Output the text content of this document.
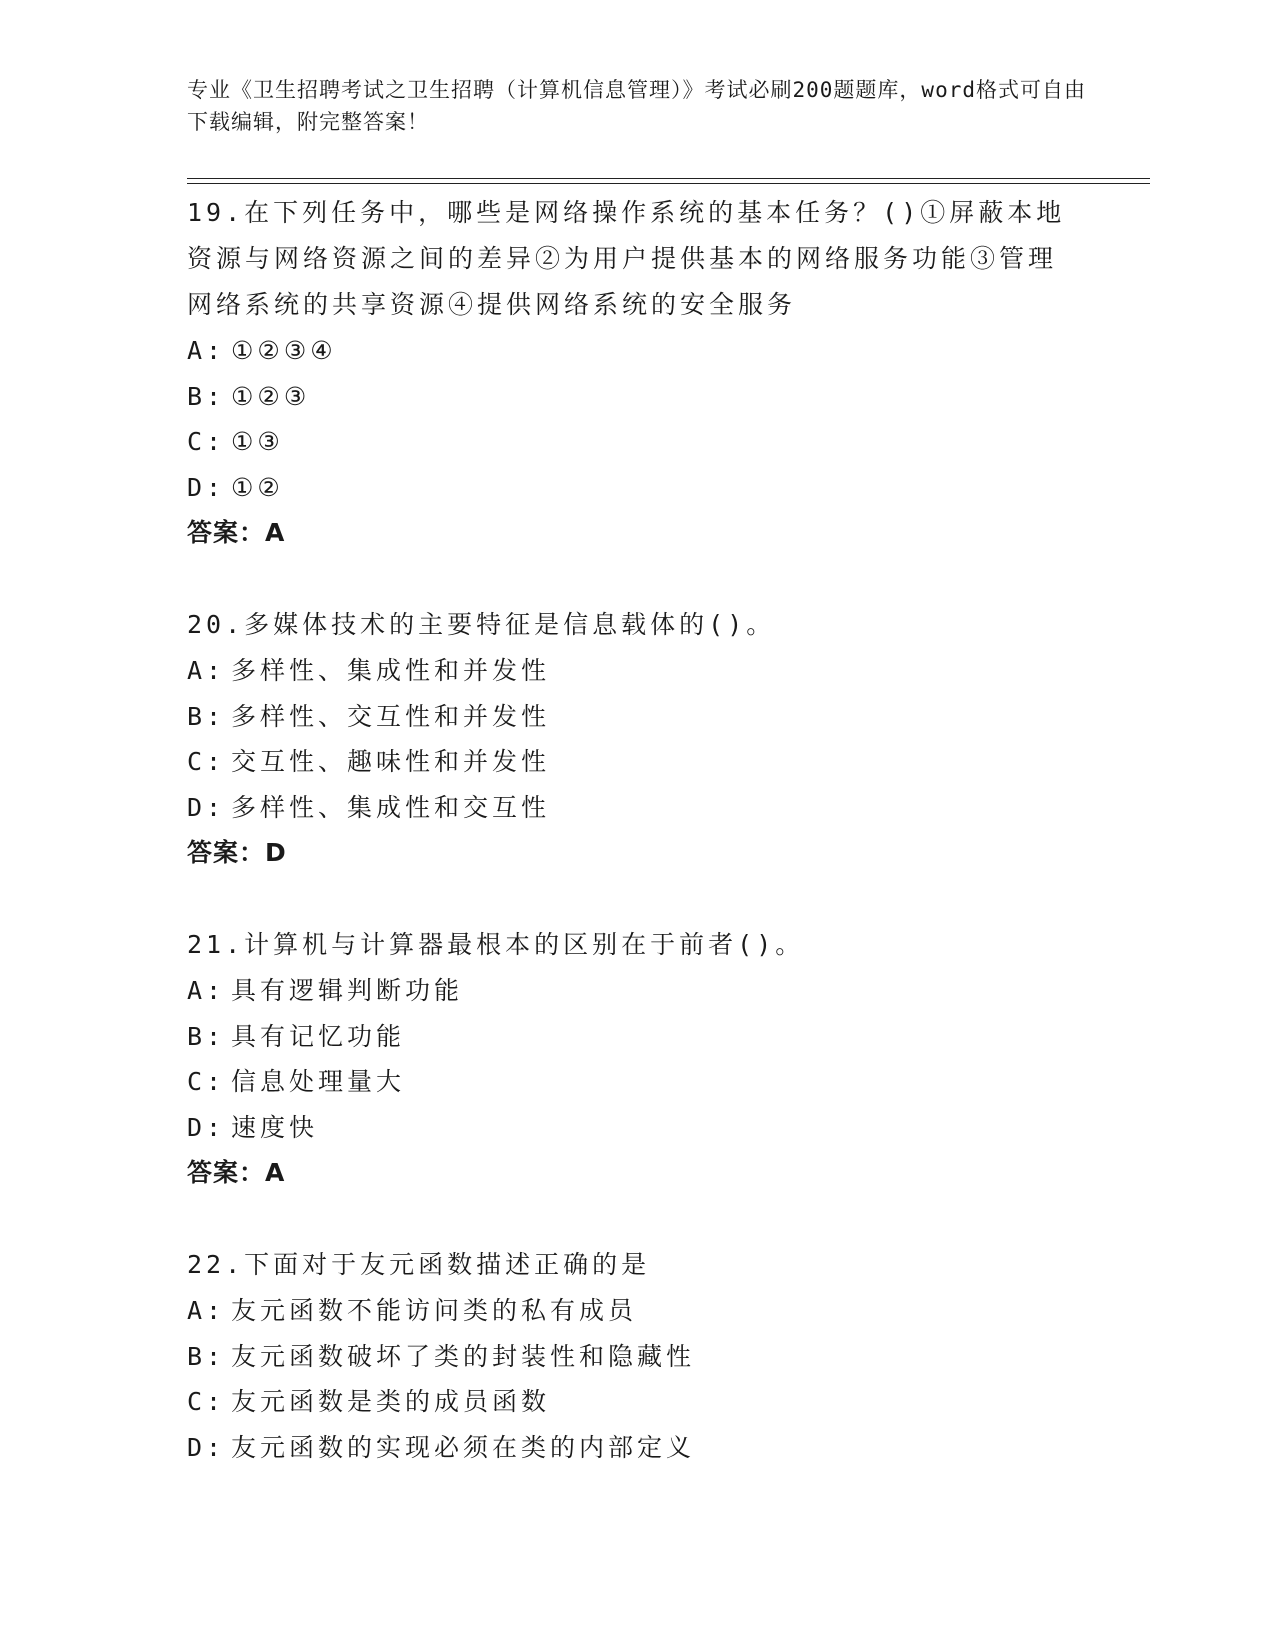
专业《卫生招聘考试之卫生招聘（计算机信息管理）》考试必刷200题题库，word格式可自由下载编辑，附完整答案！

19.在下列任务中，哪些是网络操作系统的基本任务？()①屏蔽本地资源与网络资源之间的差异②为用户提供基本的网络服务功能③管理网络系统的共享资源④提供网络系统的安全服务

A: ①②③④
B: ①②③
C: ①③
D: ①②
答案：A

20.多媒体技术的主要特征是信息载体的()。

A: 多样性、集成性和并发性
B: 多样性、交互性和并发性
C: 交互性、趣味性和并发性
D: 多样性、集成性和交互性
答案：D

21.计算机与计算器最根本的区别在于前者()。

A: 具有逻辑判断功能
B: 具有记忆功能
C: 信息处理量大
D: 速度快
答案：A

22.下面对于友元函数描述正确的是

A: 友元函数不能访问类的私有成员
B: 友元函数破坏了类的封装性和隐藏性
C: 友元函数是类的成员函数
D: 友元函数的实现必须在类的内部定义
